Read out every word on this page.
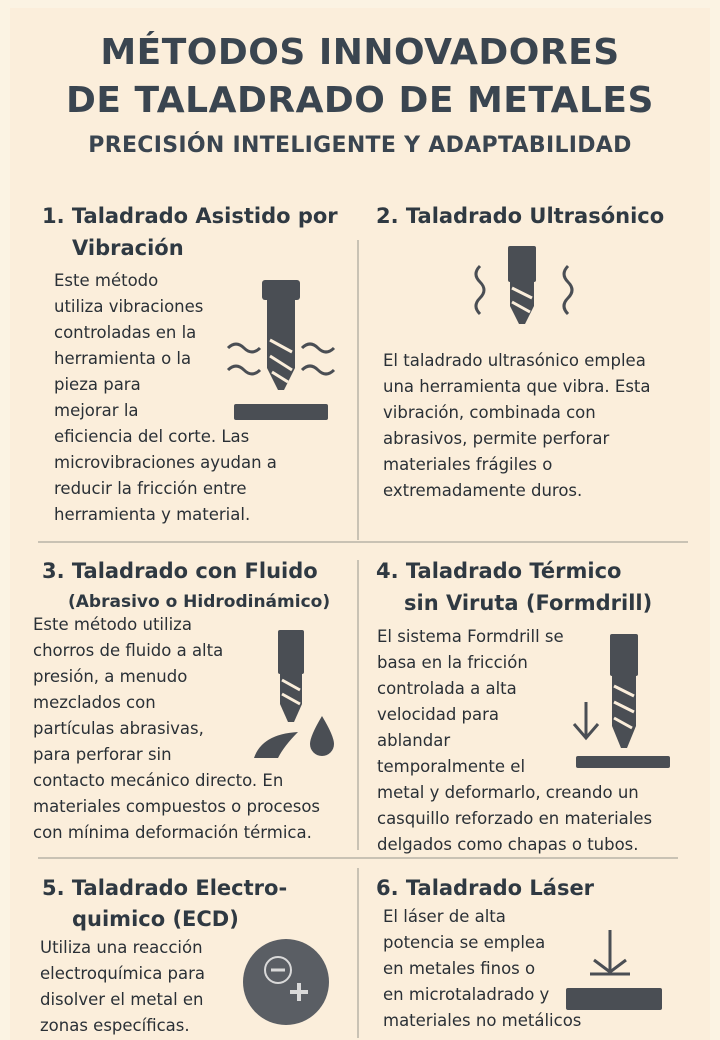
MÉTODOS INNOVADORES
DE TALADRADO DE METALES
PRECISIÓN INTELIGENTE Y ADAPTABILIDAD
1. Taladrado Asistido por
Vibración
Este método
utiliza vibraciones
controladas en la
herramienta o la
pieza para
mejorar la
eficiencia del corte. Las
microvibraciones ayudan a
reducir la fricción entre
herramienta y material.
2. Taladrado Ultrasónico
El taladrado ultrasónico emplea
una herramienta que vibra. Esta
vibración, combinada con
abrasivos, permite perforar
materiales frágiles o
extremadamente duros.
3. Taladrado con Fluido
(Abrasivo o Hidrodinámico)
Este método utiliza
chorros de fluido a alta
presión, a menudo
mezclados con
partículas abrasivas,
para perforar sin
contacto mecánico directo. En
materiales compuestos o procesos
con mínima deformación térmica.
4. Taladrado Térmico
sin Viruta (Formdrill)
El sistema Formdrill se
basa en la fricción
controlada a alta
velocidad para
ablandar
temporalmente el
metal y deformarlo, creando un
casquillo reforzado en materiales
delgados como chapas o tubos.
5. Taladrado Electro-
quimico (ECD)
Utiliza una reacción
electroquímica para
disolver el metal en
zonas específicas.
6. Taladrado Láser
El láser de alta
potencia se emplea
en metales finos o
en microtaladrado y
materiales no metálicos
